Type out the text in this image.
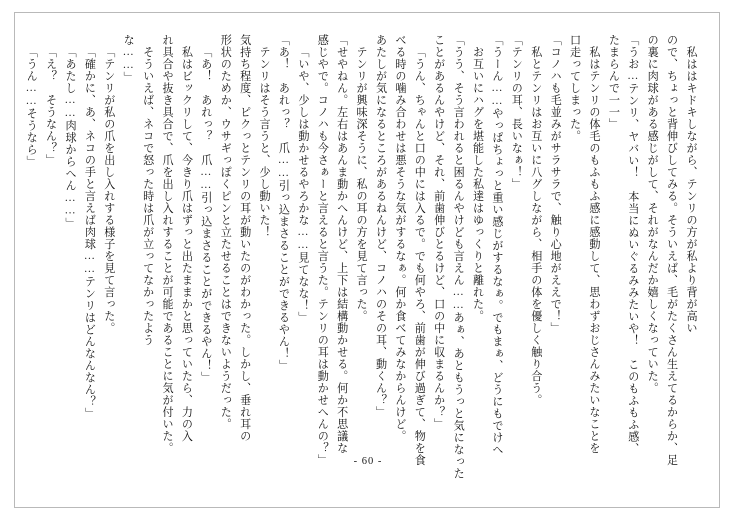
私ははキドキしながら、テンリの方が私より背が高い
ので、ちょっと背伸びしてみる。そういえば、毛がたくさん生えてるからか、足
の裏に肉球がある感じがして、それがなんだか嬉しくなっていた。
「うお…テンリ、ヤバい！　本当にぬいぐるみみたいや！　このもふもふ感、
たまらんで一一」
私はテンリの体毛のもふもふ感に感動して、思わずおじさんみたいなことを
口走ってしまった。
「コノハも毛並みがサラサラで、触り心地がええで！」
私とテンリはお互いに八グしながら、相手の体を優しく触り合う。
「テンリの耳、長いなぁ！」
「うーん……やっぱちょっと重い感じがするなぁ。でもまぁ、どうにもでけへ
お互いにハグを堪能した私達はゆっくりと離れた。
「うう、そう言われると困るんやけども言えん……あぁ、あともうっと気になった
ことがあるんやけど、それ、前歯伸びとるけど、口の中に収まるんか？」
「うん、ちゃんと口の中には入るで。でも何やろ、前歯が伸び過ぎて、物を食
べる時の噛み合わせは悪そうな気がするなぁ。何か食べてみなからんけど。
あたしが気になるところがあるねんけど、コノハのその耳、動くん？」
テンリが興味深そうに、私の耳の方を見て言った。
「せやねん。左右はあんま動かへんけど、上下は結構動かせる。何か不思議な
感じやで。コノハも今さぁーと言えると言うた。テンリの耳は動かせへんの？」
「いや、少しは動かせるやろかな……見てなな！」
「あ！　あれっ？　爪……引っ込まさることができるやん！」
テンリはそう言うと、少し動いた！
気持ち程度、ピクっとテンリの耳が動いたのがわかった。しかし、垂れ耳の
形状のためか、ウサギっぽくピンと立たせることはできないようだった。
「あ！　あれっ？　爪……引っ込まさることができるやん！」
私はビックリして、今きり爪はずっと出たままかと思っていたら、力の入
れ具合や抜き具合で、爪を出し入れすることが可能であることに気が付いた。
そういえば、ネコで怒った時は爪が立ってなかったよう
な……」
「テンリが私の爪を出し入れする様子を見て言った。
「確かに、あ、ネコの手と言えば肉球……テンリはどんなんなん？」
「あたし……肉球からへん……」
「え？　そうなん？」
「うん……そうなら」
- 60 -
